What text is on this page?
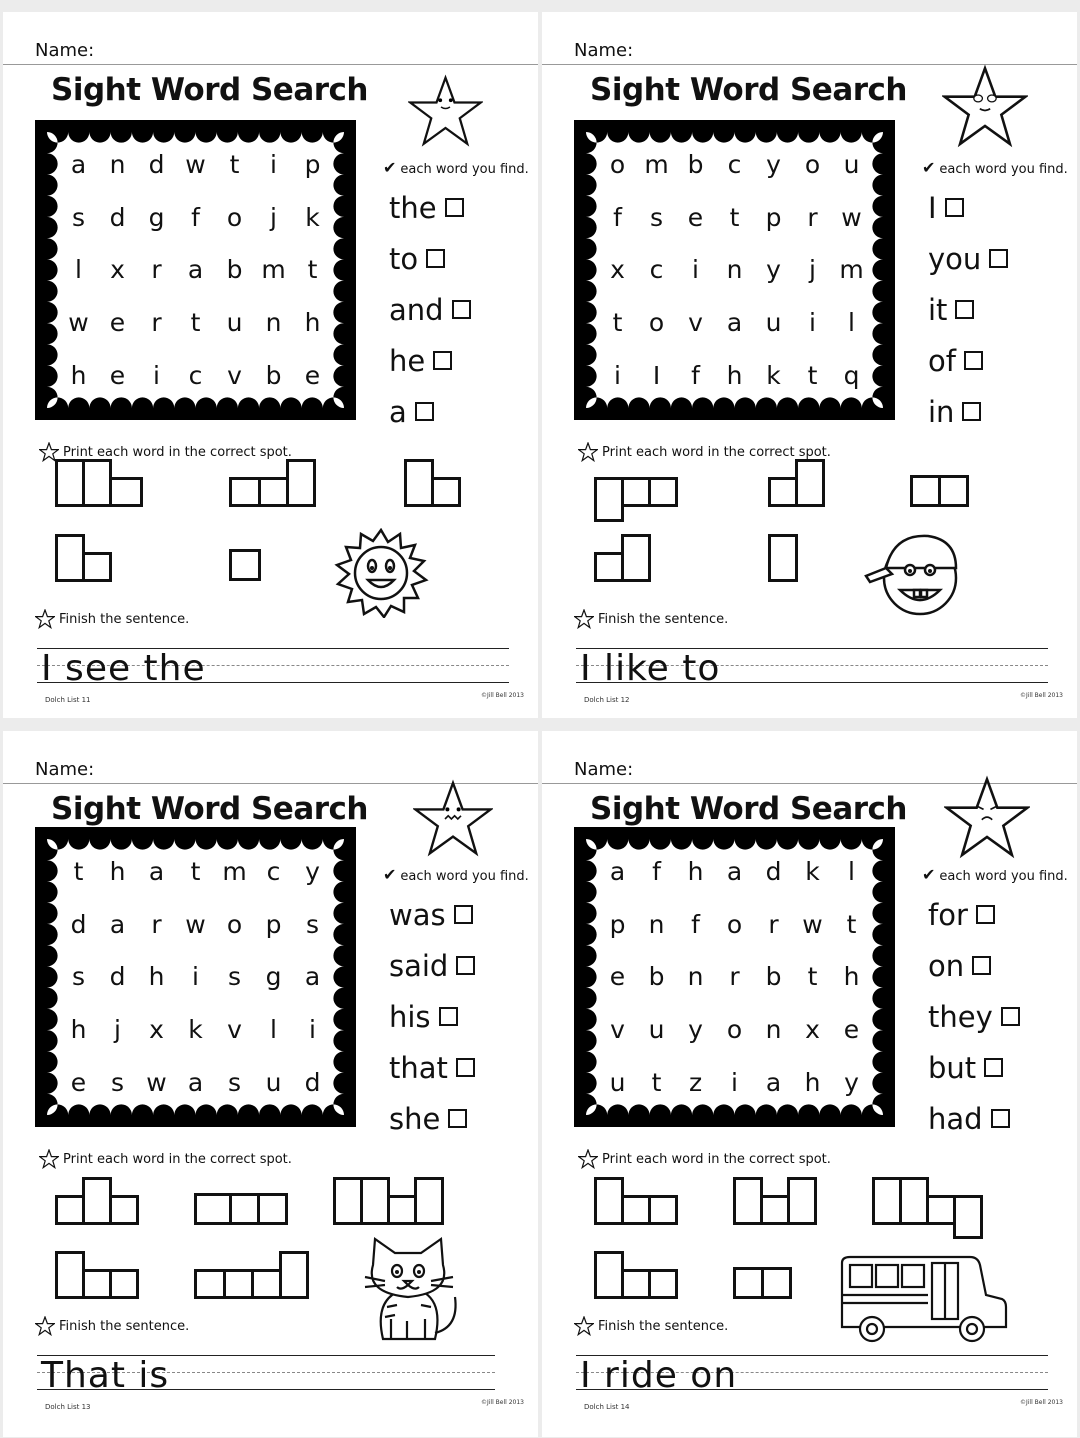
Name:
Sight Word Search
a n d w t	i	p
s d g	f	o	j	k
l	x	r	a b m t
w e	r	t	u n h
h e	i	c v b e
✔ each word you find.
the
to
and
he
a
Print each word in the correct spot.
Finish the sentence.
I see the
Dolch List 11
©Jill Bell 2013
Name:
Sight Word Search
o m b c y o u
f	s e	t	p	r w
x c	i	n y	j m
t	o v a u	i	l
i	I	f	h k	t	q
✔ each word you find.
I
you
it
of
in
Print each word in the correct spot.
Finish the sentence.
I like to
Dolch List 12
©Jill Bell 2013
Name:
Sight Word Search
t	h a	t m c y
d a	r w o p s
s d h	i	s g a
h	j	x k v	l	i
e s w a s u d
✔ each word you find.
was
said
his
that
she
Print each word in the correct spot.
Finish the sentence.
That is
Dolch List 13
©Jill Bell 2013
Name:
Sight Word Search
a	f	h a d k	l
p n	f	o	r w t
e b n	r	b	t	h
v u y o n x e
u	t	z	i	a h y
✔ each word you find.
for
on
they
but
had
Print each word in the correct spot.
Finish the sentence.
I ride on
Dolch List 14
©Jill Bell 2013
